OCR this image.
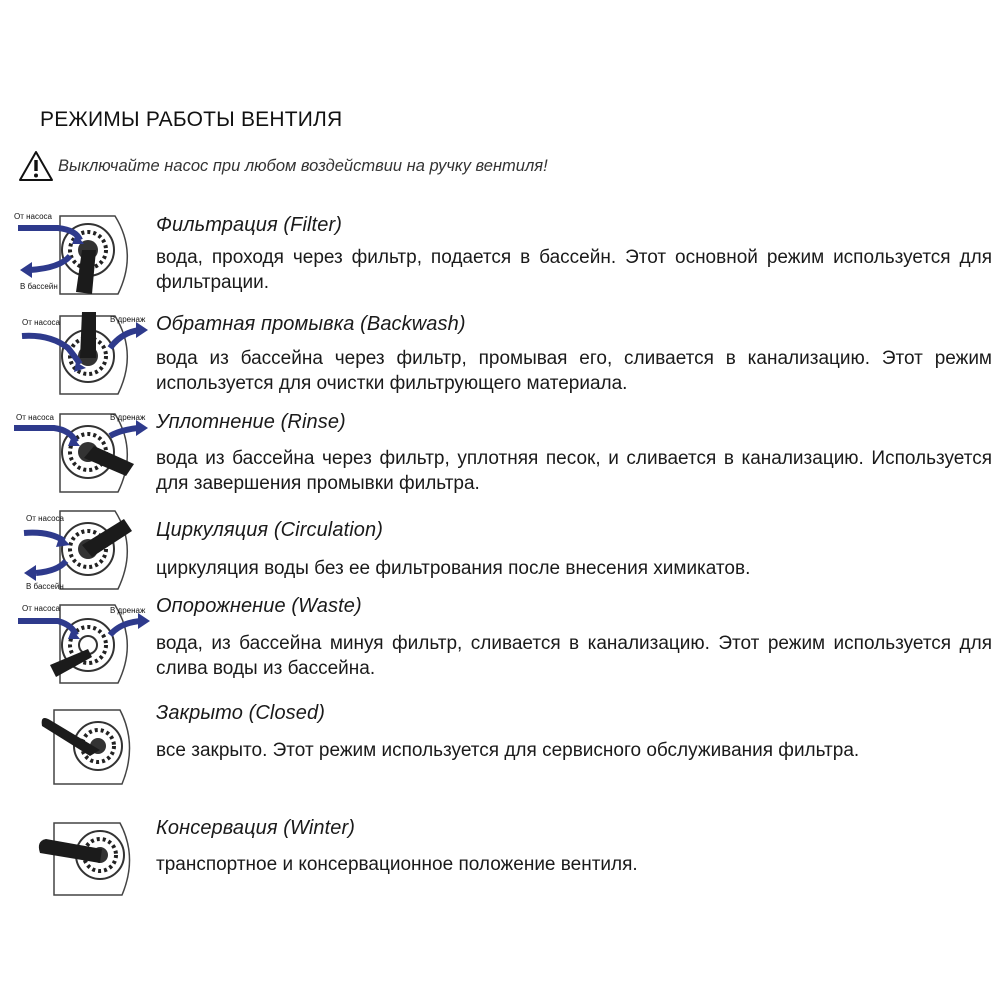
РЕЖИМЫ РАБОТЫ ВЕНТИЛЯ
Выключайте насос при любом воздействии на ручку вентиля!
От насоса
В бассейн
Фильтрация (Filter)
вода, проходя через фильтр, подается в бассейн. Этот основной режим используется для фильтрации.
От насоса	В дренаж Обратная промывка (Backwash)
вода из бассейна через фильтр, промывая его, сливается в канализацию. Этот режим используется для очистки фильтрующего материала.
От насоса	В дренаж Уплотнение (Rinse)
вода из бассейна через фильтр, уплотняя песок, и сливается в канализацию. Используется для завершения промывки фильтра.
От насоса
В бассейн
Циркуляция (Circulation)
циркуляция воды без ее фильтрования после внесения химикатов.
От насоса	В дренаж Опорожнение (Waste)
вода, из бассейна минуя фильтр, сливается в канализацию. Этот режим используется для слива воды из бассейна.
Закрыто (Closed)
все закрыто. Этот режим используется для сервисного обслуживания фильтра.
Консервация (Winter)
транспортное и консервационное положение вентиля.
